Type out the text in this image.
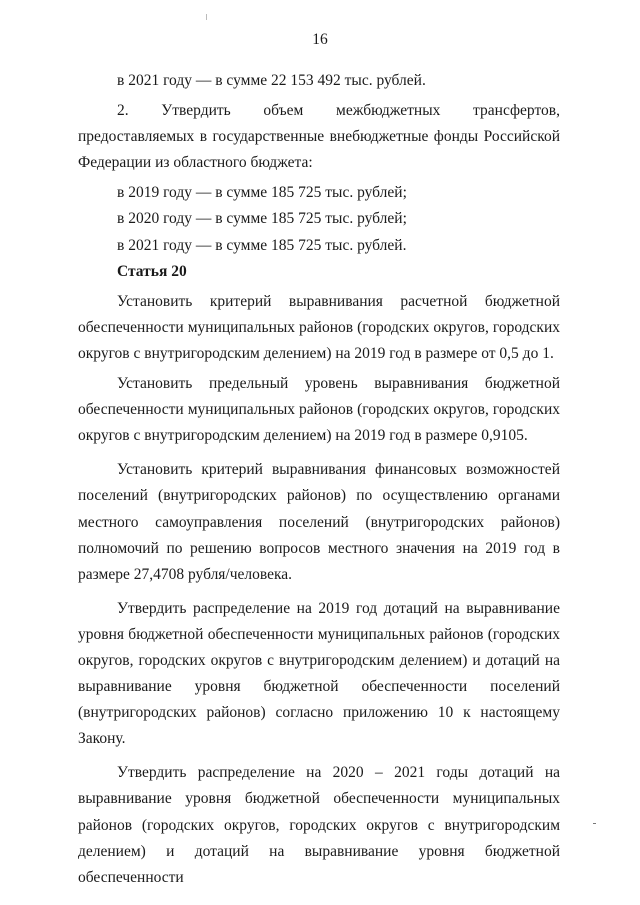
16

в 2021 году — в сумме 22 153 492 тыс. рублей.

2. Утвердить объем межбюджетных трансфертов, предоставляемых в государственные внебюджетные фонды Российской Федерации из областного бюджета:

в 2019 году — в сумме 185 725 тыс. рублей;

в 2020 году — в сумме 185 725 тыс. рублей;

в 2021 году — в сумме 185 725 тыс. рублей.

Статья 20

Установить критерий выравнивания расчетной бюджетной обеспеченности муниципальных районов (городских округов, городских округов с внутригородским делением) на 2019 год в размере от 0,5 до 1.

Установить предельный уровень выравнивания бюджетной обеспеченности муниципальных районов (городских округов, городских округов с внутригородским делением) на 2019 год в размере 0,9105.

Установить критерий выравнивания финансовых возможностей поселений (внутригородских районов) по осуществлению органами местного самоуправления поселений (внутригородских районов) полномочий по решению вопросов местного значения на 2019 год в размере 27,4708 рубля/человека.

Утвердить распределение на 2019 год дотаций на выравнивание уровня бюджетной обеспеченности муниципальных районов (городских округов, городских округов с внутригородским делением) и дотаций на выравнивание уровня бюджетной обеспеченности поселений (внутригородских районов) согласно приложению 10 к настоящему Закону.

Утвердить распределение на 2020 – 2021 годы дотаций на выравнивание уровня бюджетной обеспеченности муниципальных районов (городских округов, городских округов с внутригородским делением) и дотаций на выравнивание уровня бюджетной обеспеченности
